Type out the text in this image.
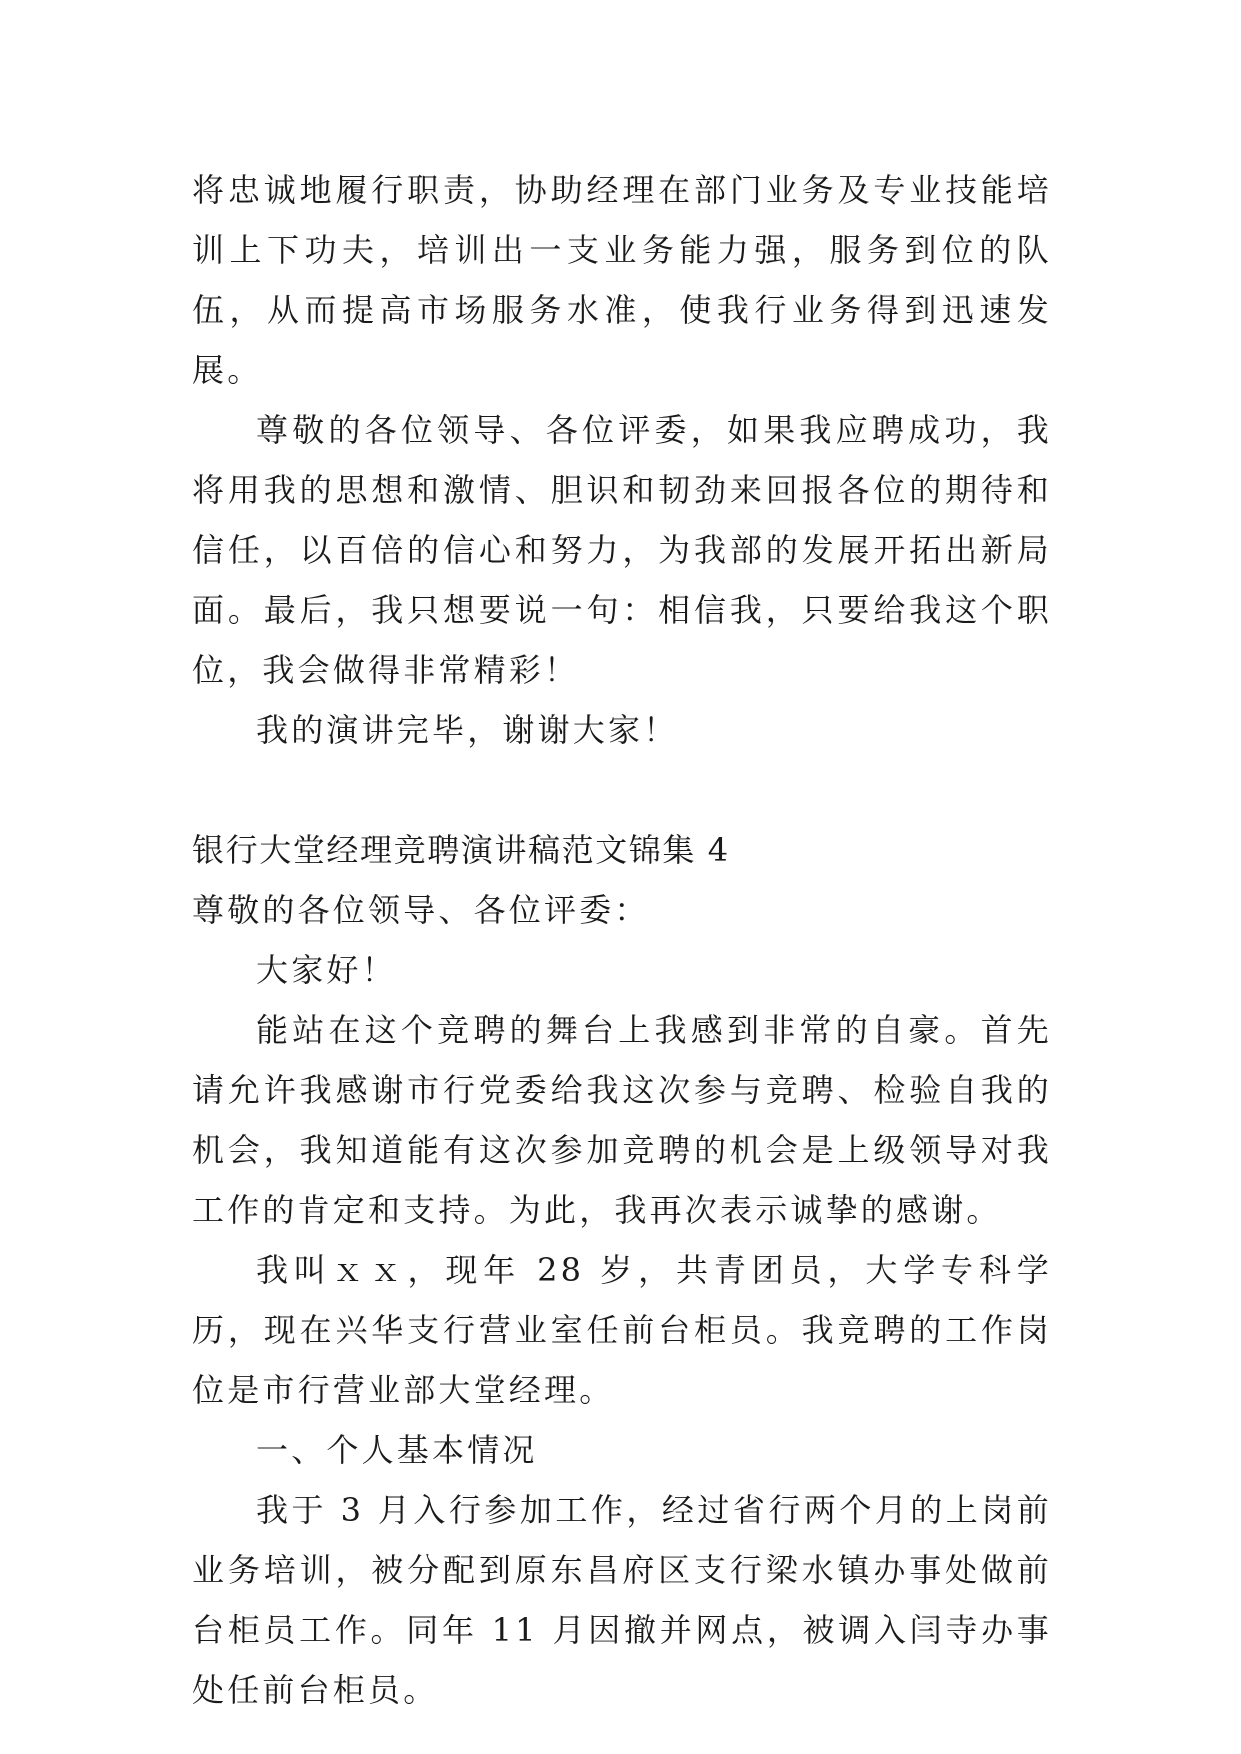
将忠诚地履行职责，协助经理在部门业务及专业技能培训上下功夫，培训出一支业务能力强，服务到位的队伍，从而提高市场服务水准，使我行业务得到迅速发展。

尊敬的各位领导、各位评委，如果我应聘成功，我将用我的思想和激情、胆识和韧劲来回报各位的期待和信任，以百倍的信心和努力，为我部的发展开拓出新局面。最后，我只想要说一句：相信我，只要给我这个职位，我会做得非常精彩！

我的演讲完毕，谢谢大家！

银行大堂经理竞聘演讲稿范文锦集 4

尊敬的各位领导、各位评委：

大家好！

能站在这个竞聘的舞台上我感到非常的自豪。首先请允许我感谢市行党委给我这次参与竞聘、检验自我的机会，我知道能有这次参加竞聘的机会是上级领导对我工作的肯定和支持。为此，我再次表示诚挚的感谢。

我叫ｘｘ，现年 28 岁，共青团员，大学专科学历，现在兴华支行营业室任前台柜员。我竞聘的工作岗位是市行营业部大堂经理。

一、个人基本情况

我于 3 月入行参加工作，经过省行两个月的上岗前业务培训，被分配到原东昌府区支行梁水镇办事处做前台柜员工作。同年 11 月因撤并网点，被调入闫寺办事处任前台柜员。
